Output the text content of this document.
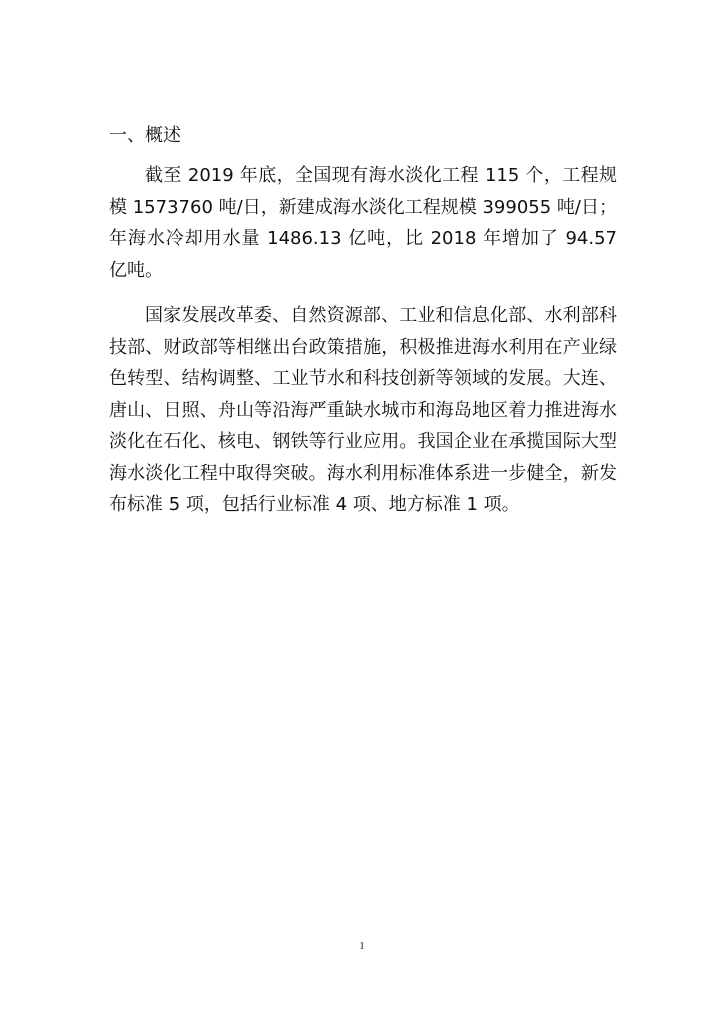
一、概述

截至 2019 年底，全国现有海水淡化工程 115 个，工程规模 1573760 吨/日，新建成海水淡化工程规模 399055 吨/日；年海水冷却用水量 1486.13 亿吨，比 2018 年增加了 94.57 亿吨。

国家发展改革委、自然资源部、工业和信息化部、水利部科技部、财政部等相继出台政策措施，积极推进海水利用在产业绿色转型、结构调整、工业节水和科技创新等领域的发展。大连、唐山、日照、舟山等沿海严重缺水城市和海岛地区着力推进海水淡化在石化、核电、钢铁等行业应用。我国企业在承揽国际大型海水淡化工程中取得突破。海水利用标准体系进一步健全，新发布标准 5 项，包括行业标准 4 项、地方标准 1 项。

1
